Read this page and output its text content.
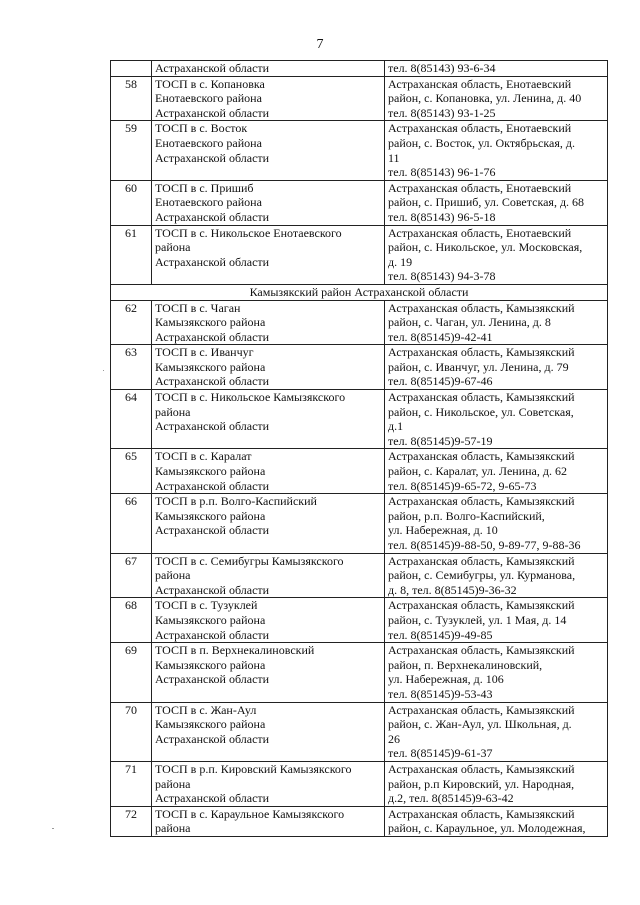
7

	Астраханской области	тел. 8(85143) 93-6-34

58	ТОСП в с. Копановка
Енотаевского района
Астраханской области	Астраханская область, Енотаевский
район, с. Копановка, ул. Ленина, д. 40
тел. 8(85143) 93-1-25

59	ТОСП в с. Восток
Енотаевского района
Астраханской области	Астраханская область, Енотаевский
район, с. Восток, ул. Октябрьская, д.
11
тел. 8(85143) 96-1-76

60	ТОСП в с. Пришиб
Енотаевского района
Астраханской области	Астраханская область, Енотаевский
район, с. Пришиб, ул. Советская, д. 68
тел. 8(85143) 96-5-18

61	ТОСП в с. Никольское Енотаевского
района
Астраханской области	Астраханская область, Енотаевский
район, с. Никольское, ул. Московская,
д. 19
тел. 8(85143) 94-3-78

Камызякский район Астраханской области		
62	ТОСП в с. Чаган
Камызякского района
Астраханской области	Астраханская область, Камызякский
район, с. Чаган, ул. Ленина, д. 8
тел. 8(85145)9-42-41

63	ТОСП в с. Иванчуг
Камызякского района
Астраханской области	Астраханская область, Камызякский
район, с. Иванчуг, ул. Ленина, д. 79
тел. 8(85145)9-67-46

64	ТОСП в с. Никольское Камызякского
района
Астраханской области	Астраханская область, Камызякский
район, с. Никольское, ул. Советская,
д.1
тел. 8(85145)9-57-19

65	ТОСП в с. Каралат
Камызякского района
Астраханской области	Астраханская область, Камызякский
район, с. Каралат, ул. Ленина, д. 62
тел. 8(85145)9-65-72, 9-65-73

66	ТОСП в р.п. Волго-Каспийский
Камызякского района
Астраханской области	Астраханская область, Камызякский
район, р.п. Волго-Каспийский,
ул. Набережная, д. 10
тел. 8(85145)9-88-50, 9-89-77, 9-88-36

67	ТОСП в с. Семибугры Камызякского
района
Астраханской области	Астраханская область, Камызякский
район, с. Семибугры, ул. Курманова,
д. 8, тел. 8(85145)9-36-32

68	ТОСП в с. Тузуклей
Камызякского района
Астраханской области	Астраханская область, Камызякский
район, с. Тузуклей, ул. 1 Мая, д. 14
тел. 8(85145)9-49-85

69	ТОСП в п. Верхнекалиновский
Камызякского района
Астраханской области	Астраханская область, Камызякский
район, п. Верхнекалиновский,
ул. Набережная, д. 106
тел. 8(85145)9-53-43

70	ТОСП в с. Жан-Аул
Камызякского района
Астраханской области	Астраханская область, Камызякский
район, с. Жан-Аул, ул. Школьная, д.
26
тел. 8(85145)9-61-37

71	ТОСП в р.п. Кировский Камызякского
района
Астраханской области	Астраханская область, Камызякский
район, р.п Кировский, ул. Народная,
д.2, тел. 8(85145)9-63-42

72	ТОСП в с. Караульное Камызякского
района	Астраханская область, Камызякский
район, с. Караульное, ул. Молодежная,
